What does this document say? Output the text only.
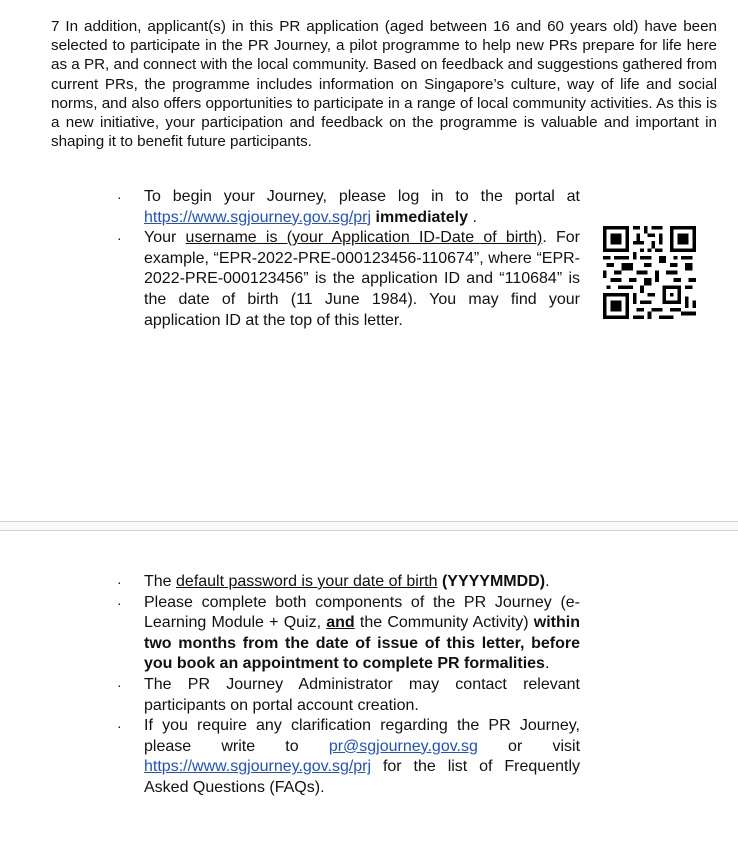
7 In addition, applicant(s) in this PR application (aged between 16 and 60 years old) have been selected to participate in the PR Journey, a pilot programme to help new PRs prepare for life here as a PR, and connect with the local community. Based on feedback and suggestions gathered from current PRs, the programme includes information on Singapore’s culture, way of life and social norms, and also offers opportunities to participate in a range of local community activities. As this is a new initiative, your participation and feedback on the programme is valuable and important in shaping it to benefit future participants.
· To begin your Journey, please log in to the portal at https://www.sgjourney.gov.sg/prj immediately .
· Your username is (your Application ID-Date of birth). For example, “EPR-2022-PRE-000123456-110674”, where “EPR-2022-PRE-000123456” is the application ID and “110684” is the date of birth (11 June 1984). You may find your application ID at the top of this letter.
· The default password is your date of birth (YYYYMMDD).
· Please complete both components of the PR Journey (e-Learning Module + Quiz, and the Community Activity) within two months from the date of issue of this letter, before you book an appointment to complete PR formalities.
· The PR Journey Administrator may contact relevant participants on portal account creation.
· If you require any clarification regarding the PR Journey, please write to pr@sgjourney.gov.sg or visit https://www.sgjourney.gov.sg/prj for the list of Frequently Asked Questions (FAQs).
